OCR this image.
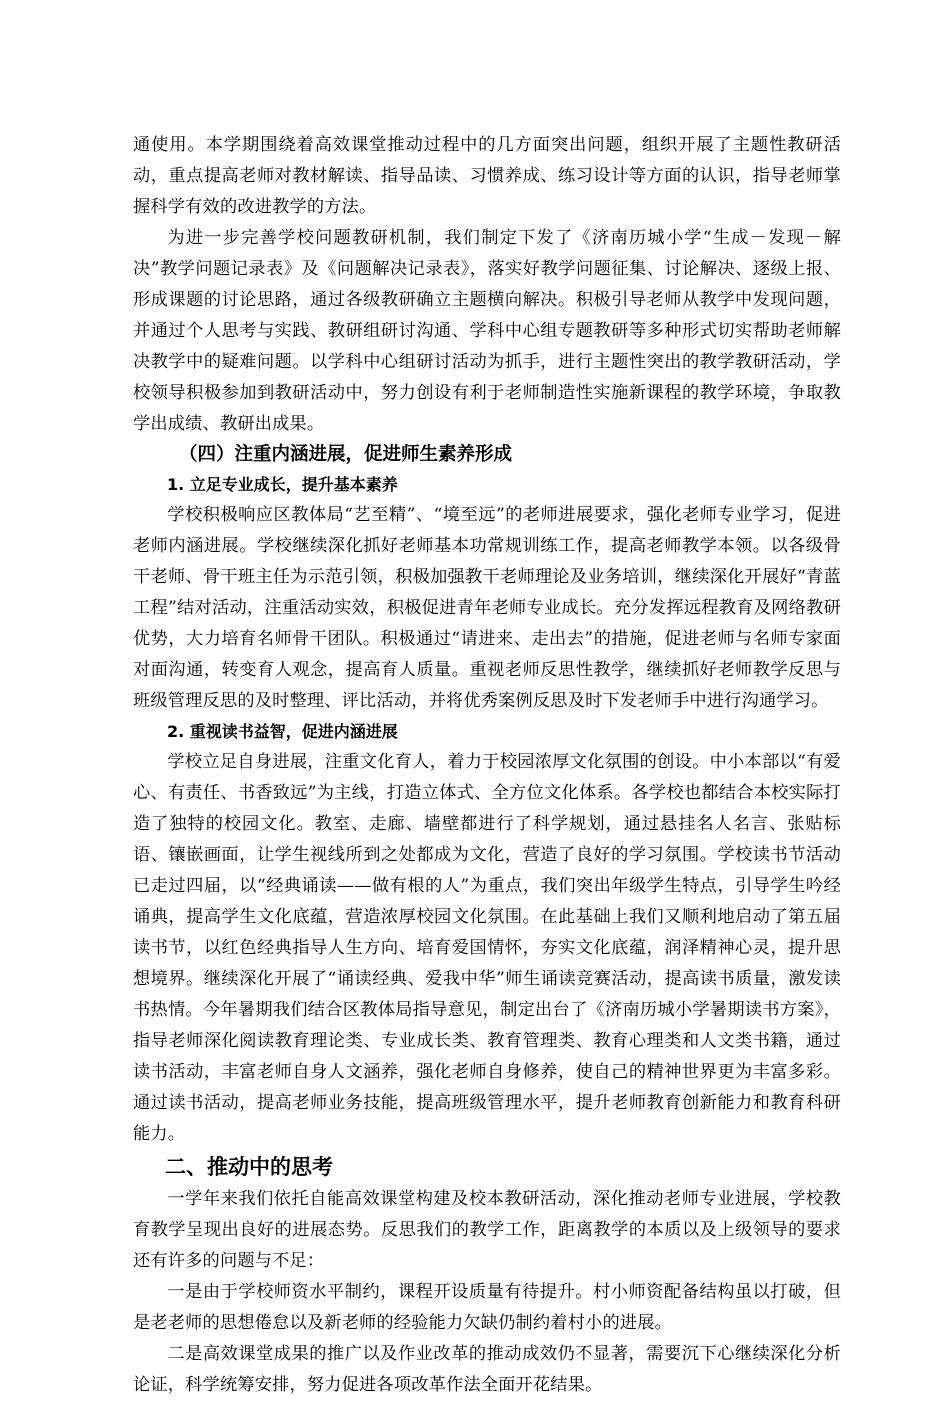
通使用。本学期围绕着高效课堂推动过程中的几方面突出问题，组织开展了主题性教研活动，重点提高老师对教材解读、指导品读、习惯养成、练习设计等方面的认识，指导老师掌握科学有效的改进教学的方法。

为进一步完善学校问题教研机制，我们制定下发了《济南历城小学“生成－发现－解决”教学问题记录表》及《问题解决记录表》，落实好教学问题征集、讨论解决、逐级上报、形成课题的讨论思路，通过各级教研确立主题横向解决。积极引导老师从教学中发现问题，并通过个人思考与实践、教研组研讨沟通、学科中心组专题教研等多种形式切实帮助老师解决教学中的疑难问题。以学科中心组研讨活动为抓手，进行主题性突出的教学教研活动，学校领导积极参加到教研活动中，努力创设有利于老师制造性实施新课程的教学环境，争取教学出成绩、教研出成果。

（四）注重内涵进展，促进师生素养形成
1. 立足专业成长，提升基本素养

学校积极响应区教体局“艺至精”、“境至远”的老师进展要求，强化老师专业学习，促进老师内涵进展。学校继续深化抓好老师基本功常规训练工作，提高老师教学本领。以各级骨干老师、骨干班主任为示范引领，积极加强教干老师理论及业务培训，继续深化开展好“青蓝工程”结对活动，注重活动实效，积极促进青年老师专业成长。充分发挥远程教育及网络教研优势，大力培育名师骨干团队。积极通过“请进来、走出去”的措施，促进老师与名师专家面对面沟通，转变育人观念，提高育人质量。重视老师反思性教学，继续抓好老师教学反思与班级管理反思的及时整理、评比活动，并将优秀案例反思及时下发老师手中进行沟通学习。

2. 重视读书益智，促进内涵进展

学校立足自身进展，注重文化育人，着力于校园浓厚文化氛围的创设。中小本部以“有爱心、有责任、书香致远”为主线，打造立体式、全方位文化体系。各学校也都结合本校实际打造了独特的校园文化。教室、走廊、墙壁都进行了科学规划，通过悬挂名人名言、张贴标语、镶嵌画面，让学生视线所到之处都成为文化，营造了良好的学习氛围。学校读书节活动已走过四届，以“经典诵读——做有根的人”为重点，我们突出年级学生特点，引导学生吟经诵典，提高学生文化底蕴，营造浓厚校园文化氛围。在此基础上我们又顺利地启动了第五届读书节，以红色经典指导人生方向、培育爱国情怀，夯实文化底蕴，润泽精神心灵，提升思想境界。继续深化开展了“诵读经典、爱我中华”师生诵读竞赛活动，提高读书质量，激发读书热情。今年暑期我们结合区教体局指导意见，制定出台了《济南历城小学暑期读书方案》，指导老师深化阅读教育理论类、专业成长类、教育管理类、教育心理类和人文类书籍，通过读书活动，丰富老师自身人文涵养，强化老师自身修养，使自己的精神世界更为丰富多彩。通过读书活动，提高老师业务技能，提高班级管理水平，提升老师教育创新能力和教育科研能力。

二、推动中的思考

一学年来我们依托自能高效课堂构建及校本教研活动，深化推动老师专业进展，学校教育教学呈现出良好的进展态势。反思我们的教学工作，距离教学的本质以及上级领导的要求还有许多的问题与不足：

一是由于学校师资水平制约，课程开设质量有待提升。村小师资配备结构虽以打破，但是老老师的思想倦怠以及新老师的经验能力欠缺仍制约着村小的进展。

二是高效课堂成果的推广以及作业改革的推动成效仍不显著，需要沉下心继续深化分析论证，科学统筹安排，努力促进各项改革作法全面开花结果。
